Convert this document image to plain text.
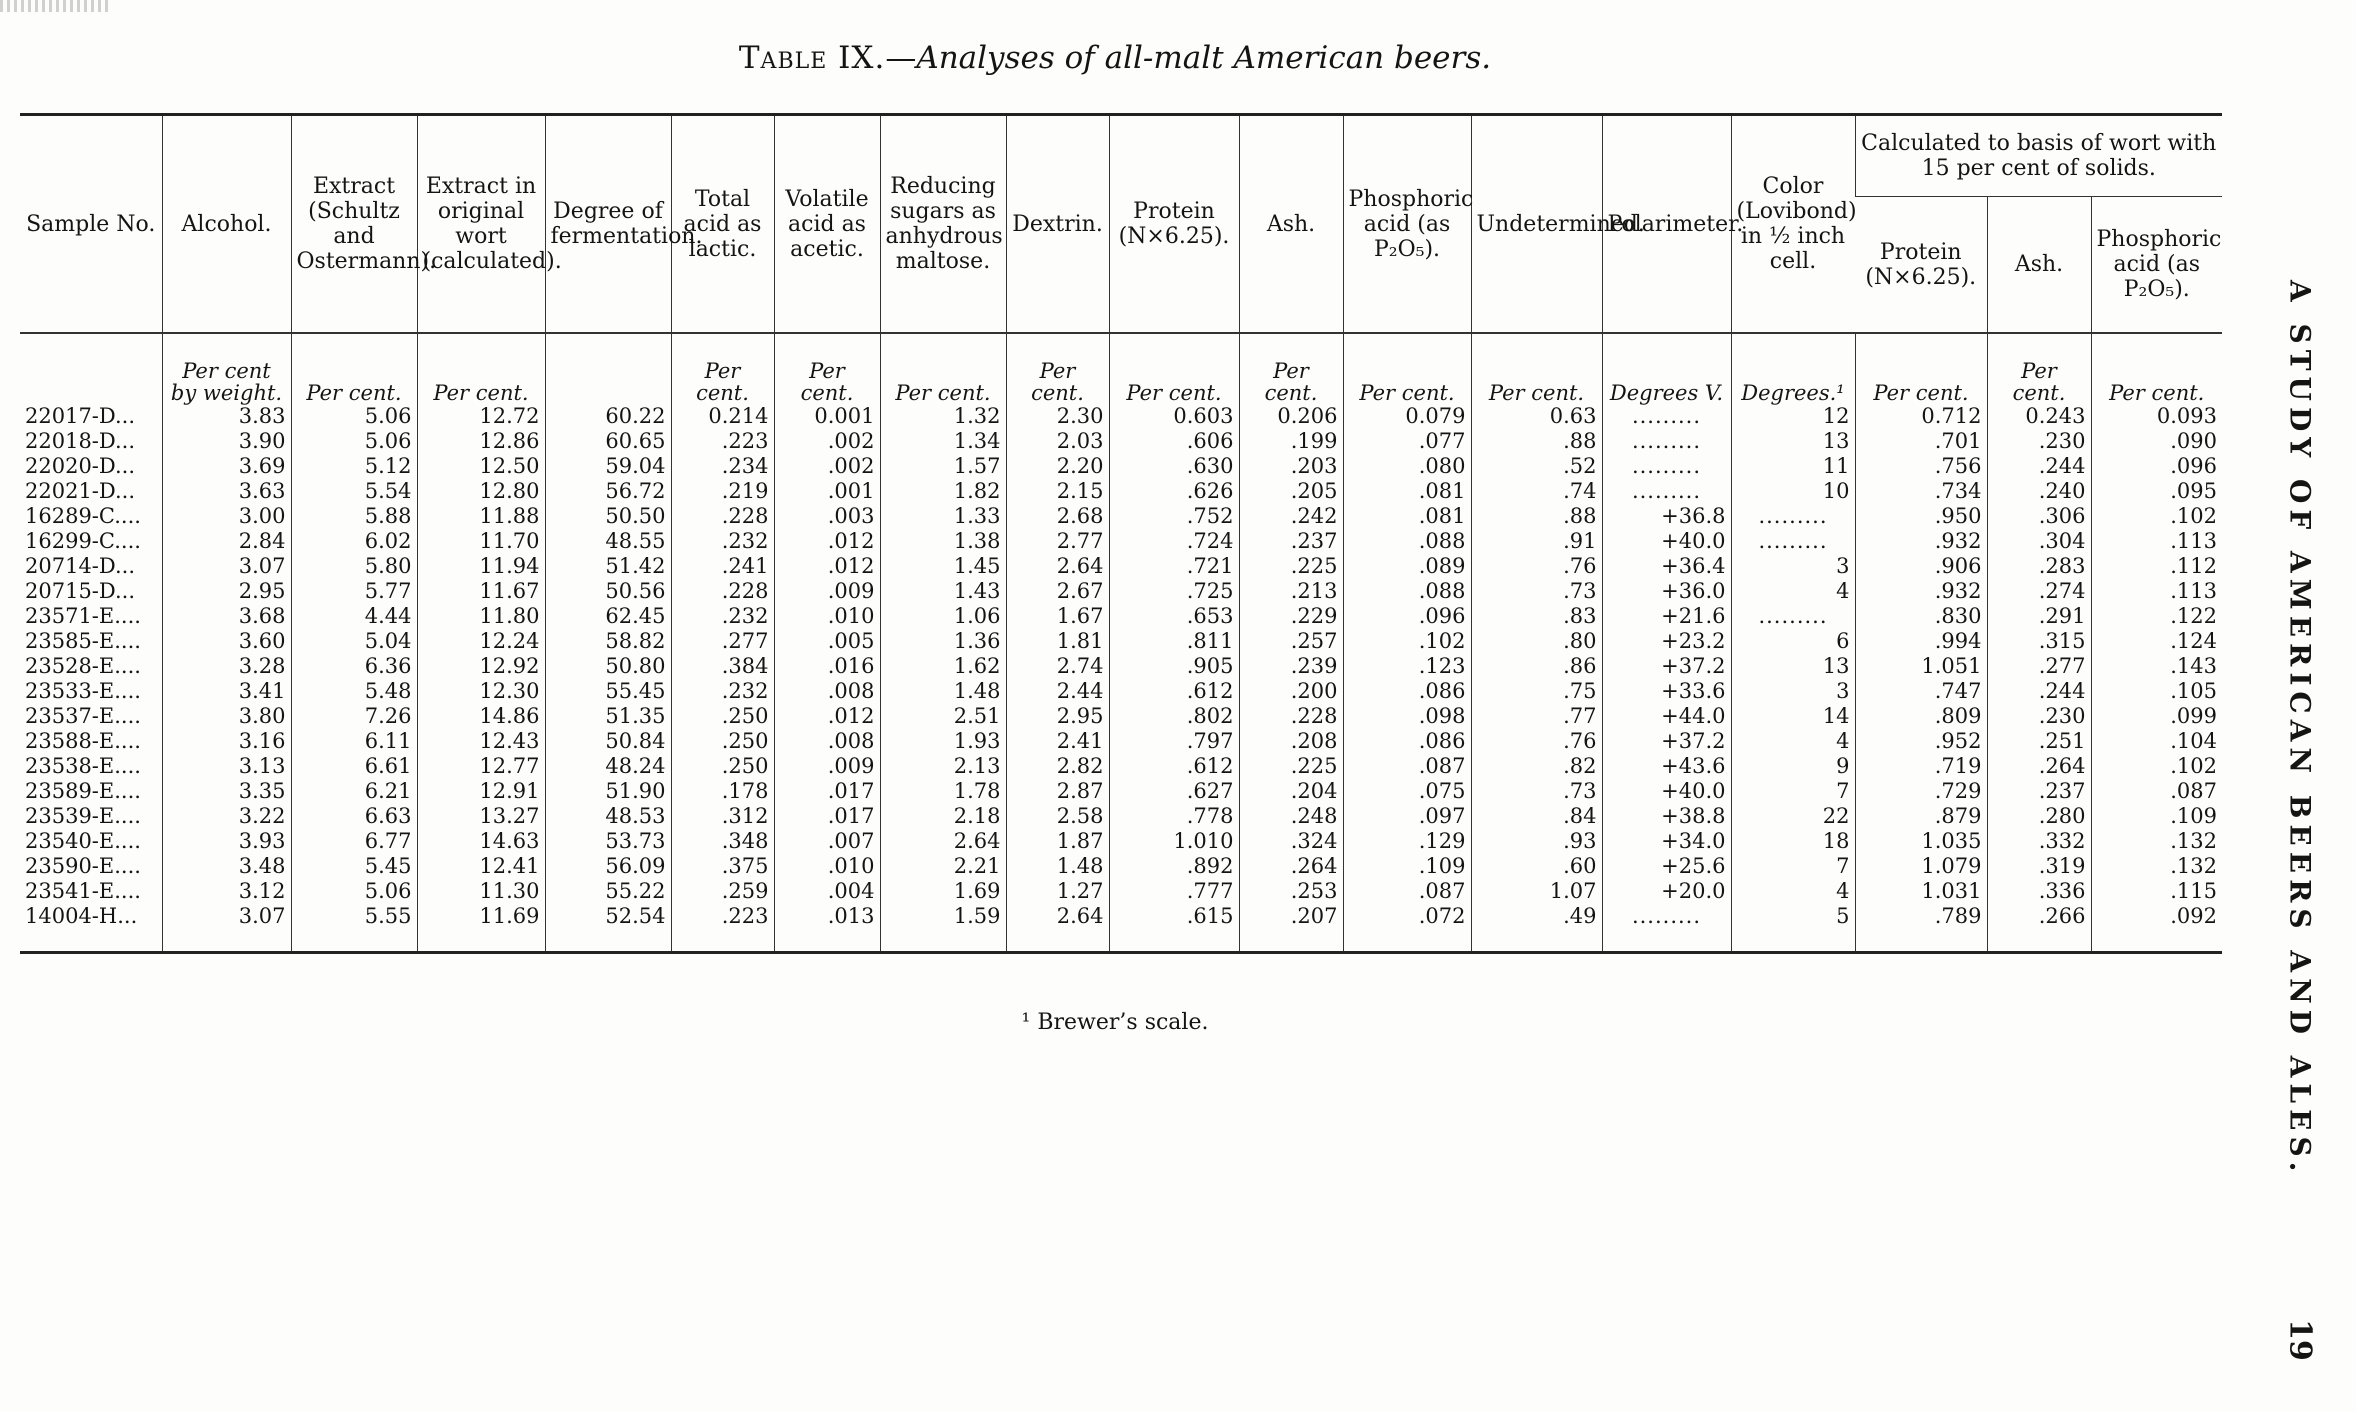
Table IX.—Analyses of all-malt American beers.
Sample No.	Alcohol.	Extract (Schultz and Ostermann).	Extract in original wort (calculated).	Degree of fermentation.	Total acid as lactic.	Volatile acid as acetic.	Reducing sugars as anhydrous maltose.	Dextrin.	Protein (N×6.25).	Ash.	Phosphoric acid (as P₂O₅).	Undetermined.	Polarimeter.	Color (Lovibond) in ½ inch cell.	Calculated to basis of wort with 15 per cent of solids.		
															Protein (N×6.25).	Ash.	Phosphoric acid (as P₂O₅).
	Per cent by weight.	Per cent.	Per cent.		Per cent.	Per cent.	Per cent.	Per cent.	Per cent.	Per cent.	Per cent.	Per cent.	Degrees V.	Degrees.¹	Per cent.	Per cent.	Per cent.
22017-D...	3.83	5.06	12.72	60.22	0.214	0.001	1.32	2.30	0.603	0.206	0.079	0.63	.........	12	0.712	0.243	0.093
22018-D...	3.90	5.06	12.86	60.65	.223	.002	1.34	2.03	.606	.199	.077	.88	.........	13	.701	.230	.090
22020-D...	3.69	5.12	12.50	59.04	.234	.002	1.57	2.20	.630	.203	.080	.52	.........	11	.756	.244	.096
22021-D...	3.63	5.54	12.80	56.72	.219	.001	1.82	2.15	.626	.205	.081	.74	.........	10	.734	.240	.095
16289-C....	3.00	5.88	11.88	50.50	.228	.003	1.33	2.68	.752	.242	.081	.88	+36.8	.........	.950	.306	.102
16299-C....	2.84	6.02	11.70	48.55	.232	.012	1.38	2.77	.724	.237	.088	.91	+40.0	.........	.932	.304	.113
20714-D...	3.07	5.80	11.94	51.42	.241	.012	1.45	2.64	.721	.225	.089	.76	+36.4	3	.906	.283	.112
20715-D...	2.95	5.77	11.67	50.56	.228	.009	1.43	2.67	.725	.213	.088	.73	+36.0	4	.932	.274	.113
23571-E....	3.68	4.44	11.80	62.45	.232	.010	1.06	1.67	.653	.229	.096	.83	+21.6	.........	.830	.291	.122
23585-E....	3.60	5.04	12.24	58.82	.277	.005	1.36	1.81	.811	.257	.102	.80	+23.2	6	.994	.315	.124
23528-E....	3.28	6.36	12.92	50.80	.384	.016	1.62	2.74	.905	.239	.123	.86	+37.2	13	1.051	.277	.143
23533-E....	3.41	5.48	12.30	55.45	.232	.008	1.48	2.44	.612	.200	.086	.75	+33.6	3	.747	.244	.105
23537-E....	3.80	7.26	14.86	51.35	.250	.012	2.51	2.95	.802	.228	.098	.77	+44.0	14	.809	.230	.099
23588-E....	3.16	6.11	12.43	50.84	.250	.008	1.93	2.41	.797	.208	.086	.76	+37.2	4	.952	.251	.104
23538-E....	3.13	6.61	12.77	48.24	.250	.009	2.13	2.82	.612	.225	.087	.82	+43.6	9	.719	.264	.102
23589-E....	3.35	6.21	12.91	51.90	.178	.017	1.78	2.87	.627	.204	.075	.73	+40.0	7	.729	.237	.087
23539-E....	3.22	6.63	13.27	48.53	.312	.017	2.18	2.58	.778	.248	.097	.84	+38.8	22	.879	.280	.109
23540-E....	3.93	6.77	14.63	53.73	.348	.007	2.64	1.87	1.010	.324	.129	.93	+34.0	18	1.035	.332	.132
23590-E....	3.48	5.45	12.41	56.09	.375	.010	2.21	1.48	.892	.264	.109	.60	+25.6	7	1.079	.319	.132
23541-E....	3.12	5.06	11.30	55.22	.259	.004	1.69	1.27	.777	.253	.087	1.07	+20.0	4	1.031	.336	.115
14004-H...	3.07	5.55	11.69	52.54	.223	.013	1.59	2.64	.615	.207	.072	.49	.........	5	.789	.266	.092
¹ Brewer’s scale.	A STUDY OF AMERICAN BEERS AND ALES.
19
